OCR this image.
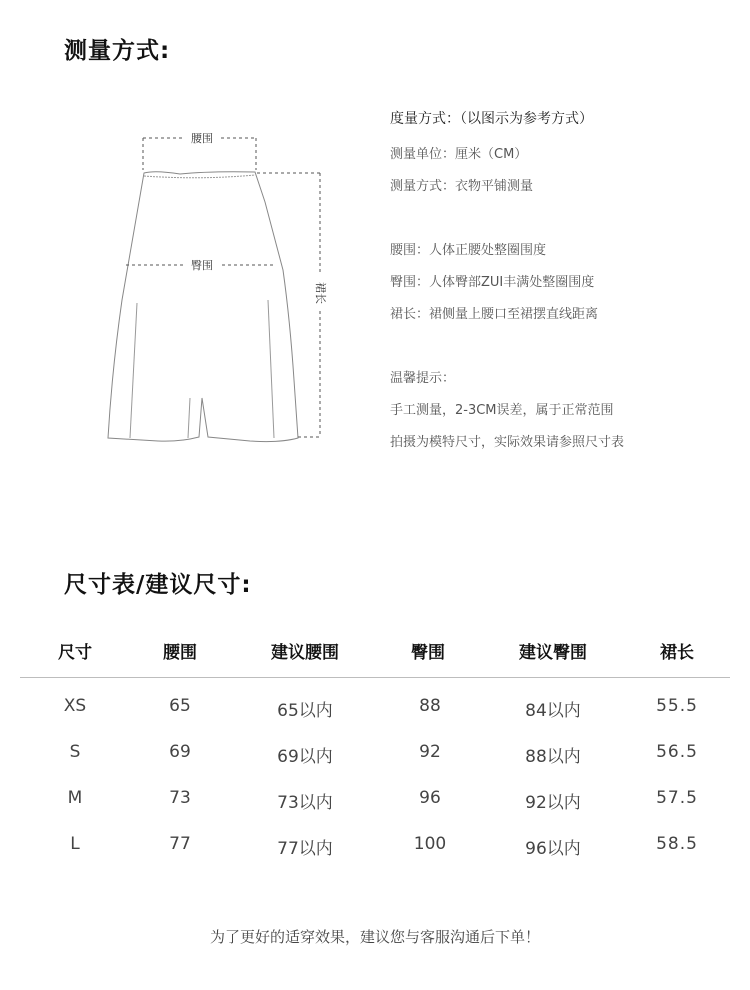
测量方式:
腰围
臀围
裙长
度量方式：（以图示为参考方式）
测量单位：厘米（CM）
测量方式：衣物平铺测量
腰围：人体正腰处整圈围度
臀围：人体臀部ZUI丰满处整圈围度
裙长：裙侧量上腰口至裙摆直线距离
温馨提示：
手工测量，2-3CM误差，属于正常范围
拍摄为模特尺寸，实际效果请参照尺寸表
尺寸表/建议尺寸:
尺寸	腰围	建议腰围	臀围	建议臀围	裙长
XS	65	65以内	88	84以内	55.5
S	69	69以内	92	88以内	56.5
M	73	73以内	96	92以内	57.5
L	77	77以内	100	96以内	58.5
为了更好的适穿效果，建议您与客服沟通后下单！
